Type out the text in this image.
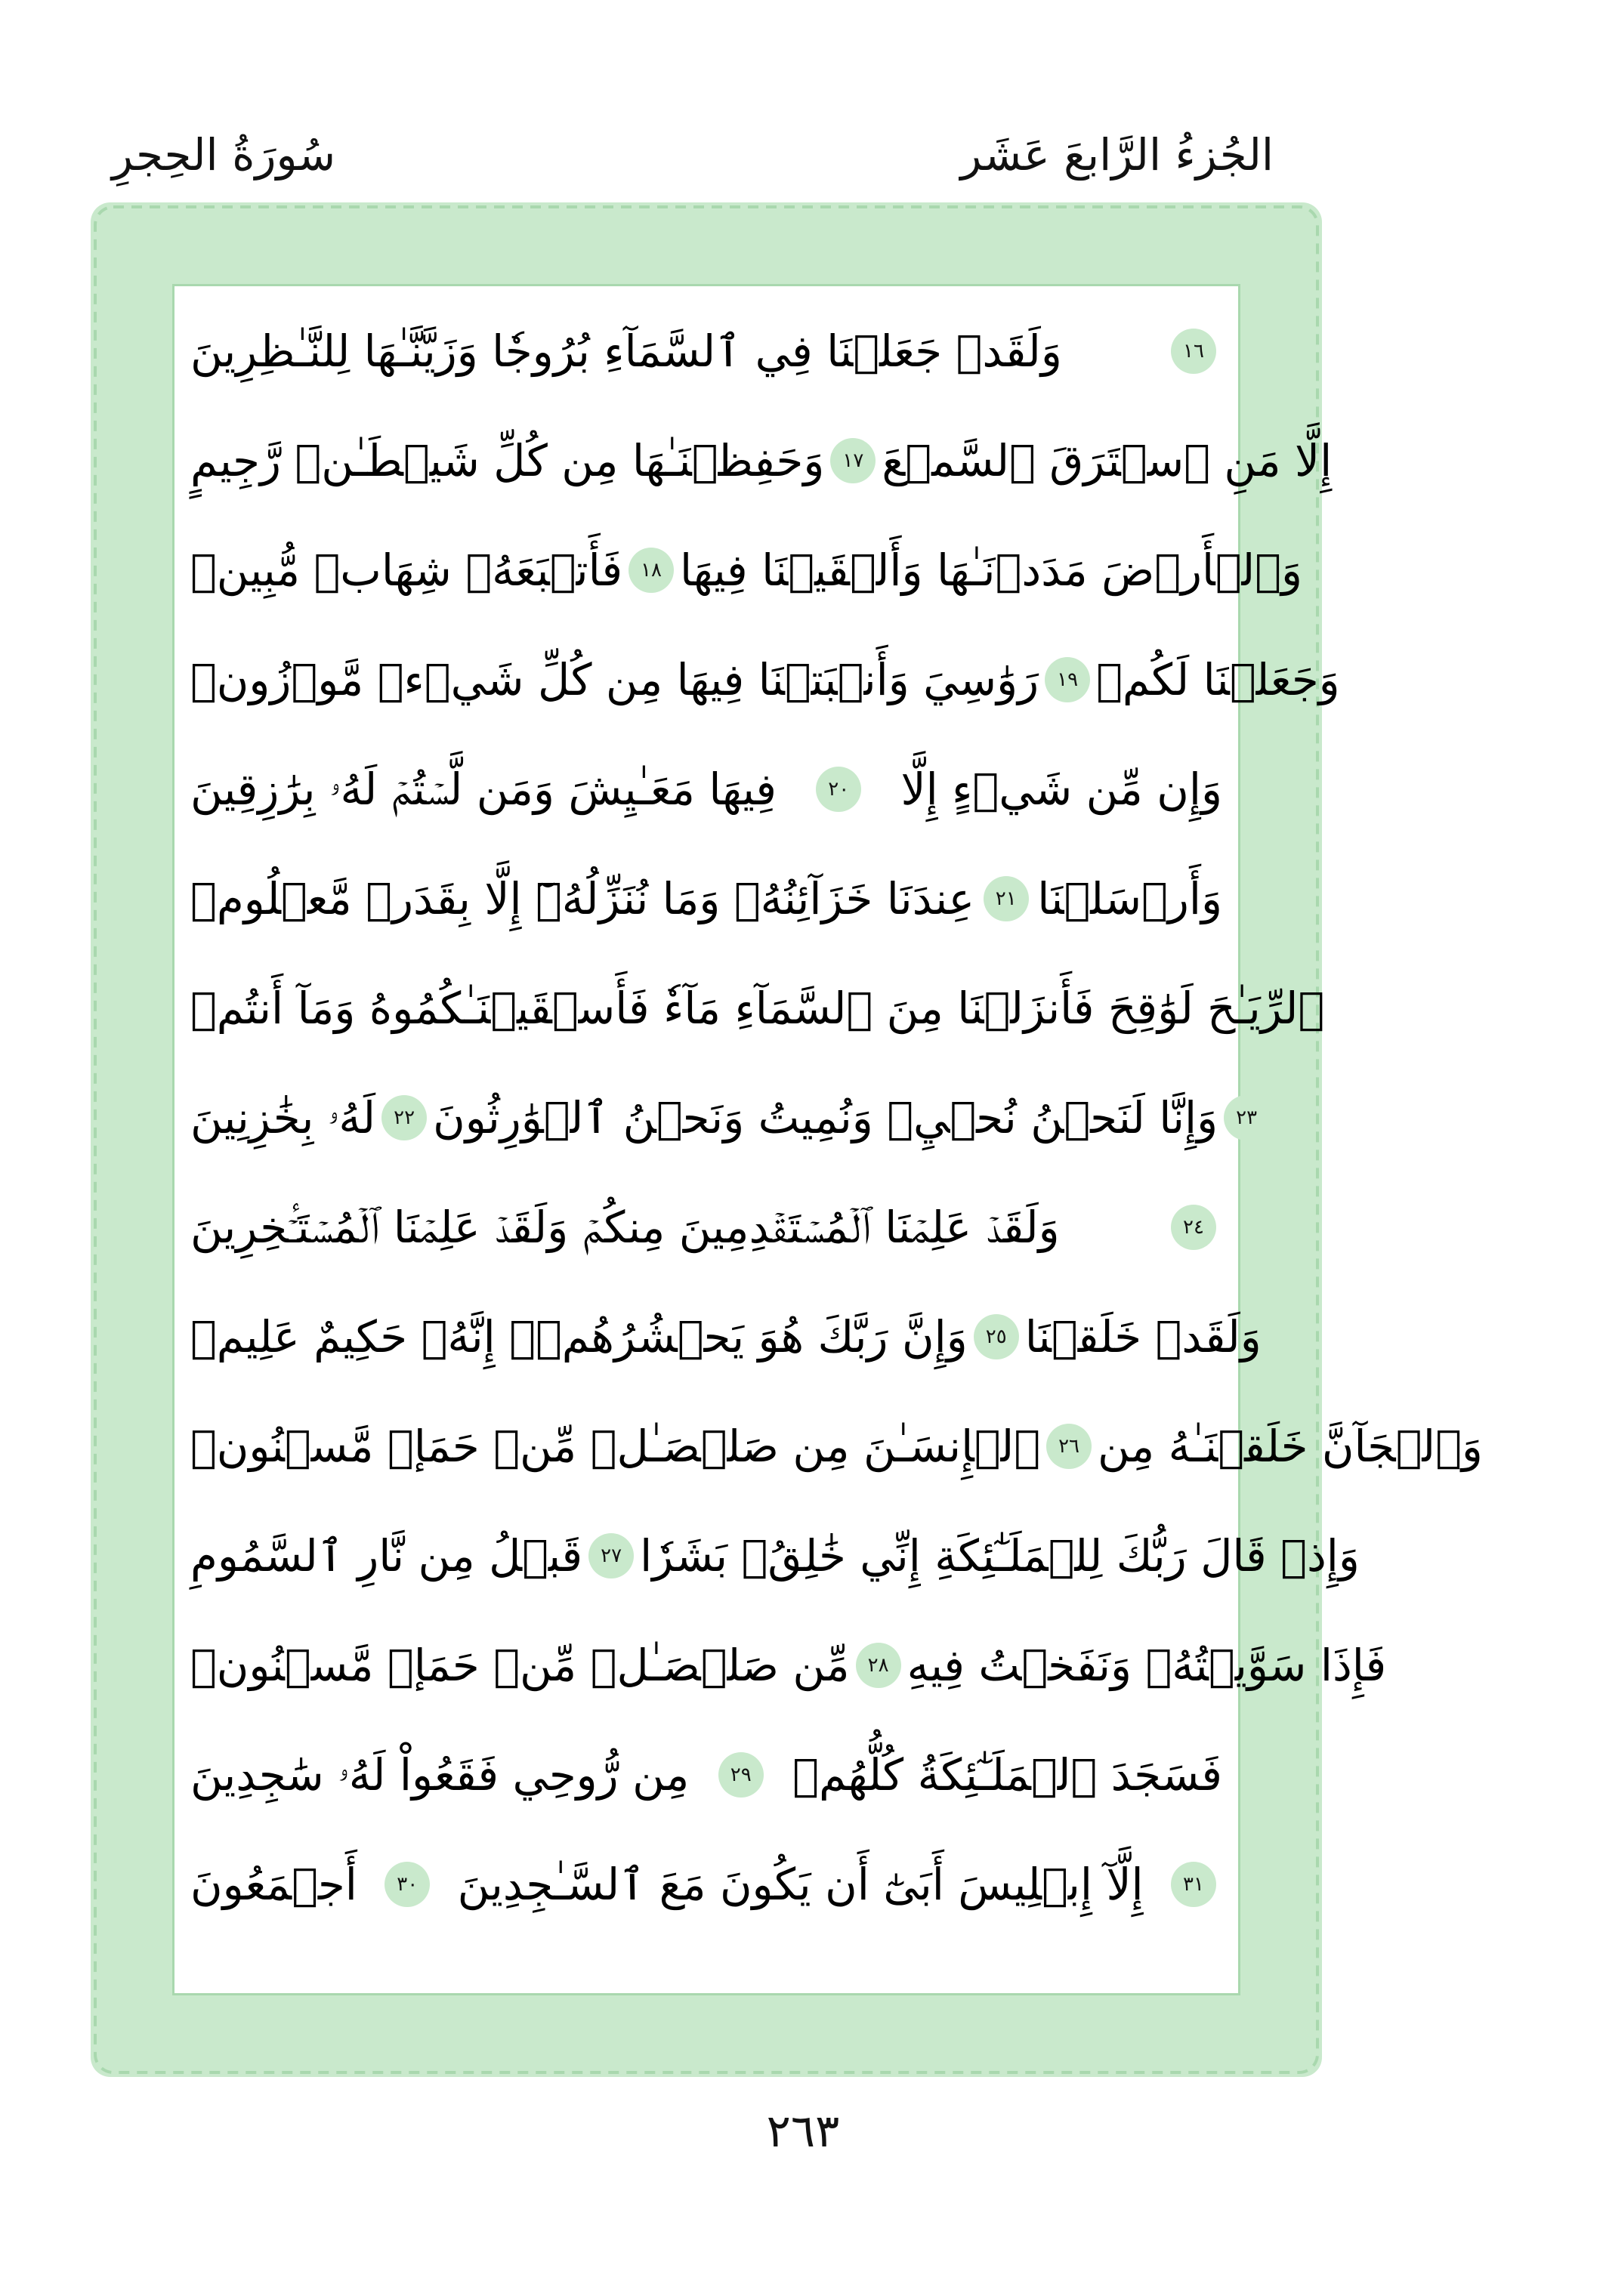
سُورَةُ الحِجرِ	الجُزءُ الرَّابعَ عَشَر
وَلَقَدۡ جَعَلۡنَا فِي ٱلسَّمَآءِ بُرُوجٗا وَزَيَّنَّـٰهَا لِلنَّـٰظِرِينَ	١٦
وَحَفِظۡنَـٰهَا مِن كُلِّ شَيۡطَـٰنٖ رَّجِيمٍ ١٧ إِلَّا مَنِ ٱسۡتَرَقَ ٱلسَّمۡعَ
فَأَتۡبَعَهُۥ شِهَابٞ مُّبِينٞ ١٨ وَٱلۡأَرۡضَ مَدَدۡنَـٰهَا وَأَلۡقَيۡنَا فِيهَا
رَوَٰسِيَ وَأَنۢبَتۡنَا فِيهَا مِن كُلِّ شَيۡءٖ مَّوۡزُونٖ ١٩ وَجَعَلۡنَا لَكُمۡ
فِيهَا مَعَـٰيِشَ وَمَن لَّسۡتُمۡ لَهُۥ بِرَٰزِقِينَ	٢٠ وَإِن مِّن شَيۡءٍ إِلَّا
عِندَنَا خَزَآئِنُهُۥ وَمَا نُنَزِّلُهُۥٓ إِلَّا بِقَدَرٖ مَّعۡلُومٖ	٢١ وَأَرۡسَلۡنَا
ٱلرِّيَـٰحَ لَوَٰقِحَ فَأَنزَلۡنَا مِنَ ٱلسَّمَآءِ مَآءٗ فَأَسۡقَيۡنَـٰكُمُوهُ وَمَآ أَنتُمۡ
لَهُۥ بِخَٰزِنِينَ ٢٢ وَإِنَّا لَنَحۡنُ نُحۡيِۦ وَنُمِيتُ وَنَحۡنُ ٱلۡوَٰرِثُونَ ٢٣
وَلَقَدۡ عَلِمۡنَا ٱلۡمُسۡتَقۡدِمِينَ مِنكُمۡ وَلَقَدۡ عَلِمۡنَا ٱلۡمُسۡتَـٔۡخِرِينَ	٢٤
وَإِنَّ رَبَّكَ هُوَ يَحۡشُرُهُمۡۚ إِنَّهُۥ حَكِيمٌ عَلِيمٞ ٢٥ وَلَقَدۡ خَلَقۡنَا
ٱلۡإِنسَـٰنَ مِن صَلۡصَـٰلٖ مِّنۡ حَمَإٖ مَّسۡنُونٖ ٢٦ وَٱلۡجَآنَّ خَلَقۡنَـٰهُ مِن
قَبۡلُ مِن نَّارِ ٱلسَّمُومِ ٢٧ وَإِذۡ قَالَ رَبُّكَ لِلۡمَلَـٰٓئِكَةِ إِنِّي خَٰلِقُۢ بَشَرٗا
مِّن صَلۡصَـٰلٖ مِّنۡ حَمَإٖ مَّسۡنُونٖ ٢٨ فَإِذَا سَوَّيۡتُهُۥ وَنَفَخۡتُ فِيهِ
مِن رُّوحِي فَقَعُواْ لَهُۥ سَٰجِدِينَ	٢٩ فَسَجَدَ ٱلۡمَلَـٰٓئِكَةُ كُلُّهُمۡ
أَجۡمَعُونَ	٣٠ إِلَّآ إِبۡلِيسَ أَبَىٰٓ أَن يَكُونَ مَعَ ٱلسَّـٰجِدِينَ	٣١
٢٦٣
